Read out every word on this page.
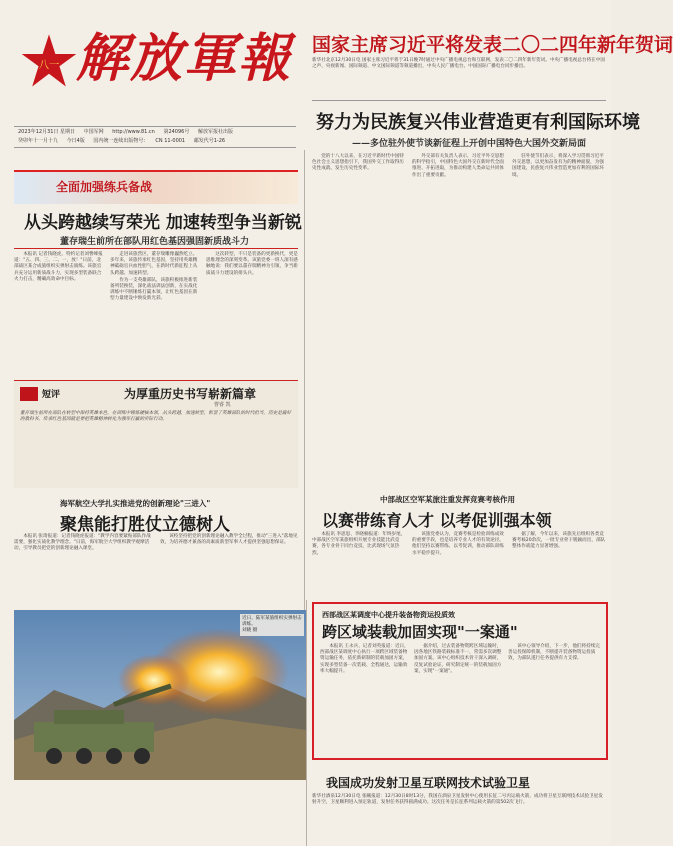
八一 解放軍報
2023年12月31日 星期日 中国军网 http://www.81.cn 第24096号 解放军报社出版
癸卯年十一月十九 今日4版 国内统一连续出版物号： CN 11-0001 邮发代号1-26
国家主席习近平将发表二〇二四年新年贺词
新华社北京12月30日电 国家主席习近平将于31日晚7时通过中央广播电视总台和互联网，发表二〇二四年新年贺词。中央广播电视总台将在中国之声、央视新闻、国际频道、中文国际频道等频道播出，中央人民广播电台、中国国际广播电台同步播出。
努力为民族复兴伟业营造更有利国际环境
——多位驻外使节谈新征程上开创中国特色大国外交新局面

党的十八大以来，在习近平新时代中国特色社会主义思想指引下，我国外交工作取得历史性成就、发生历史性变革。

外交部有关负责人表示，习近平外交思想的科学指引，中国特色大国外交在新时代全面推进、开拓进取，为推动构建人类命运共同体作出了重要贡献。

驻外使节们表示，将深入学习贯彻习近平外交思想，以更加奋发有为的精神面貌，为强国建设、民族复兴伟业营造更加有利的国际环境。

全面加强练兵备战
从头跨越续写荣光 加速转型争当新锐
董存瑞生前所在部队用红色基因强固新质战斗力

本报讯 记者钱晓虎、特约记者刘曹峰报道："五、四、三、二、一，放！"日前，北部战区某合成旅组织实弹射击演练。该旅官兵充分运用新质战斗力，实现多型装备联合火力打击，精确高效命中目标。

走进该旅营区，董存瑞雕像巍然屹立。多年来，该旅传承红色基因，坚持用英雄精神砥砺官兵血性胆气，在新时代新征程上从头跨越、加速转型。

作为一支英雄部队，该旅积极推进新装备列装换装，深化战法训法创新，在实战化训练中不断锤炼打赢本领，让红色基因在新型力量建设中焕发新光彩。

这次转型，不只是装备的更新换代，更是思维理念的深刻变革。该旅党委一班人深有感触地说：我们要以董存瑞精神为引领，争当新质战斗力建设的排头兵。

短评	为厚重历史书写崭新篇章
曹睿 凯
董存瑞生前所在部队在转型中保持英雄本色，在训练中锤炼硬核本领，从头跨越、加速转型，彰显了英雄部队的时代担当。历史是最好的教科书，传承红色基因就是要把英雄精神转化为强军打赢的实际行动。
海军航空大学扎实推进党的创新理论"三进入"
聚焦能打胜仗立德树人

本报讯 张琦报道：记者钱晓虎报道："教学内容要紧贴部队作战需要，强化实战化教学理念。"日前，海军航空大学组织教学观摩活动，引导教员把党的创新理论融入课堂。

该校坚持把党的创新理论融入教学全过程，推动"三进入"落地见效，为培养德才兼备的高素质新型军事人才提供坚强思想保证。

中部战区空军某旅注重发挥竞赛考核作用
以赛带练育人才 以考促训强本领

本报讯 李思思、李晓楠报道：年终岁尾，中部战区空军某旅组织开展专业技能比武竞赛，各专业骨干同台竞技，比武现场气氛热烈。

该旅党委认为，竞赛考核是检验训练成效的重要手段，也是培养专业人才的有效途径。他们坚持以赛带练、以考促训，推动部队训练水平稳步提升。

据了解，今年以来，该旅先后组织各类竞赛考核20余次，一批专业骨干脱颖而出，部队整体作战能力显著增强。

近日，陆军某旅组织实弹射击训练。
刘晓 摄
西部战区某调度中心提升装备物资运投质效
跨区域装载加固实现"一案通"

本报讯 王永兵、记者刘英报道：近日，西部战区某调度中心执行一项跨区域装备物资运输任务，依托新研制的装载加固方案，实现多型装备一次装载、全程通达，运输效率大幅提升。

据介绍，过去装备物资跨区域运输时，因各地区铁路装载标准不一，常需多次调整加固方案。该中心组织技术骨干深入调研，反复试验论证，研究制定统一的装载加固方案，实现"一案通"。

该中心领导介绍，下一步，他们将持续完善运投保障机制，不断提升装备物资运投质效，为部队遂行任务提供有力支撑。

我国成功发射卫星互联网技术试验卫星
新华社酒泉12月30日电 张曦报道：12月30日8时13分，我国在酒泉卫星发射中心使用长征二号丙运载火箭，成功将卫星互联网技术试验卫星发射升空，卫星顺利进入预定轨道，发射任务获得圆满成功。这次任务是长征系列运载火箭的第502次飞行。
